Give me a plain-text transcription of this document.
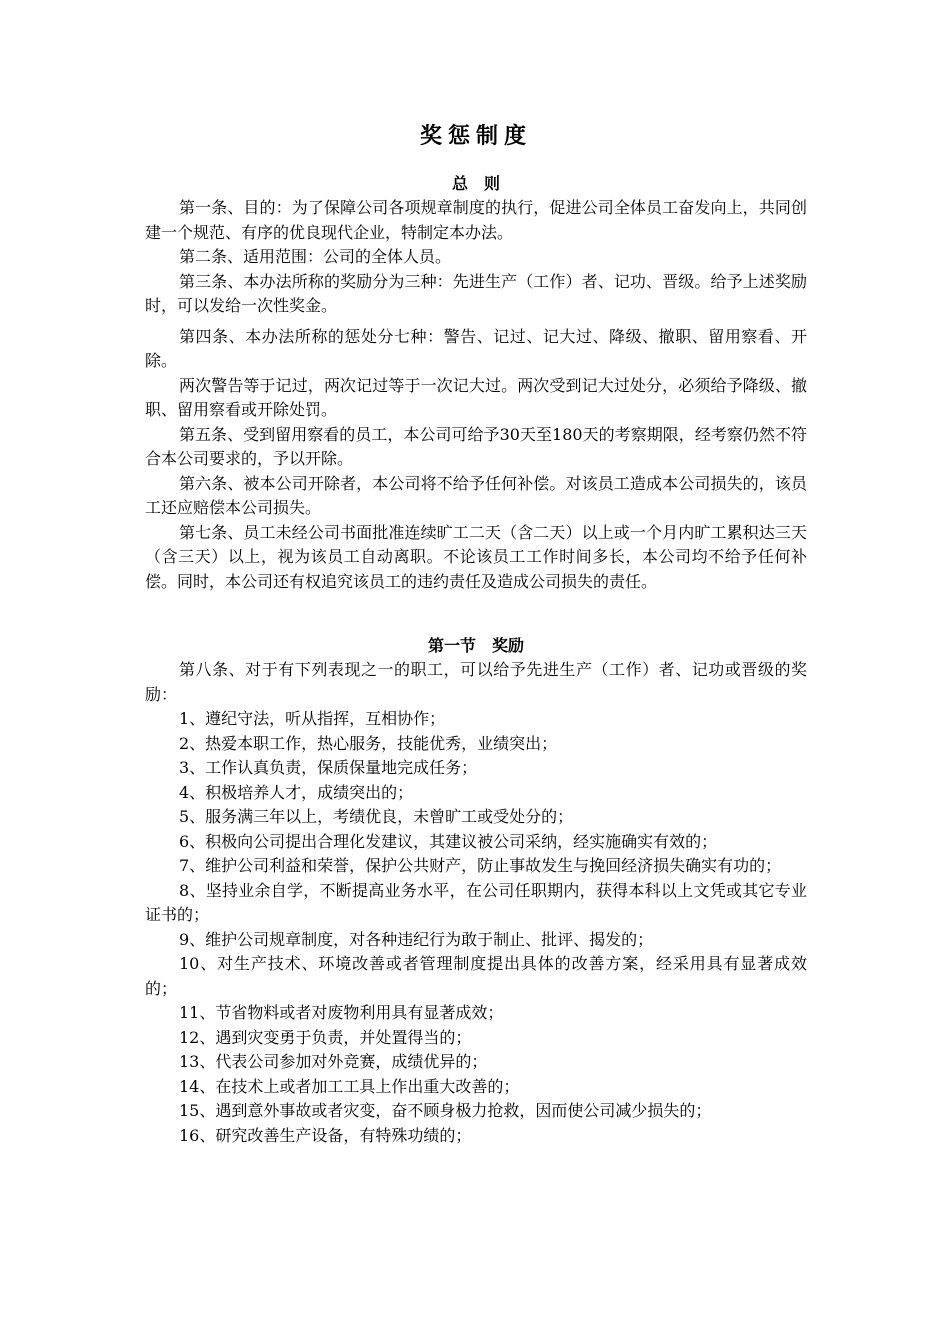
奖惩制度
总　则

第一条、目的：为了保障公司各项规章制度的执行，促进公司全体员工奋发向上，共同创建一个规范、有序的优良现代企业，特制定本办法。

第二条、适用范围：公司的全体人员。

第三条、本办法所称的奖励分为三种：先进生产（工作）者、记功、晋级。给予上述奖励时，可以发给一次性奖金。

第四条、本办法所称的惩处分七种：警告、记过、记大过、降级、撤职、留用察看、开除。

两次警告等于记过，两次记过等于一次记大过。两次受到记大过处分，必须给予降级、撤职、留用察看或开除处罚。

第五条、受到留用察看的员工，本公司可给予30天至180天的考察期限，经考察仍然不符合本公司要求的，予以开除。

第六条、被本公司开除者，本公司将不给予任何补偿。对该员工造成本公司损失的，该员工还应赔偿本公司损失。

第七条、员工未经公司书面批准连续旷工二天（含二天）以上或一个月内旷工累积达三天（含三天）以上，视为该员工自动离职。不论该员工工作时间多长，本公司均不给予任何补偿。同时，本公司还有权追究该员工的违约责任及造成公司损失的责任。

第一节　奖励

第八条、对于有下列表现之一的职工，可以给予先进生产（工作）者、记功或晋级的奖励：

1、遵纪守法，听从指挥，互相协作；

2、热爱本职工作，热心服务，技能优秀，业绩突出；

3、工作认真负责，保质保量地完成任务；

4、积极培养人才，成绩突出的；

5、服务满三年以上，考绩优良，未曾旷工或受处分的；

6、积极向公司提出合理化发建议，其建议被公司采纳，经实施确实有效的；

7、维护公司利益和荣誉，保护公共财产，防止事故发生与挽回经济损失确实有功的；

8、坚持业余自学，不断提高业务水平，在公司任职期内，获得本科以上文凭或其它专业证书的；

9、维护公司规章制度，对各种违纪行为敢于制止、批评、揭发的；

10、对生产技术、环境改善或者管理制度提出具体的改善方案，经采用具有显著成效的；

11、节省物料或者对废物利用具有显著成效；

12、遇到灾变勇于负责，并处置得当的；

13、代表公司参加对外竞赛，成绩优异的；

14、在技术上或者加工工具上作出重大改善的；

15、遇到意外事故或者灾变，奋不顾身极力抢救，因而使公司减少损失的；

16、研究改善生产设备，有特殊功绩的；
